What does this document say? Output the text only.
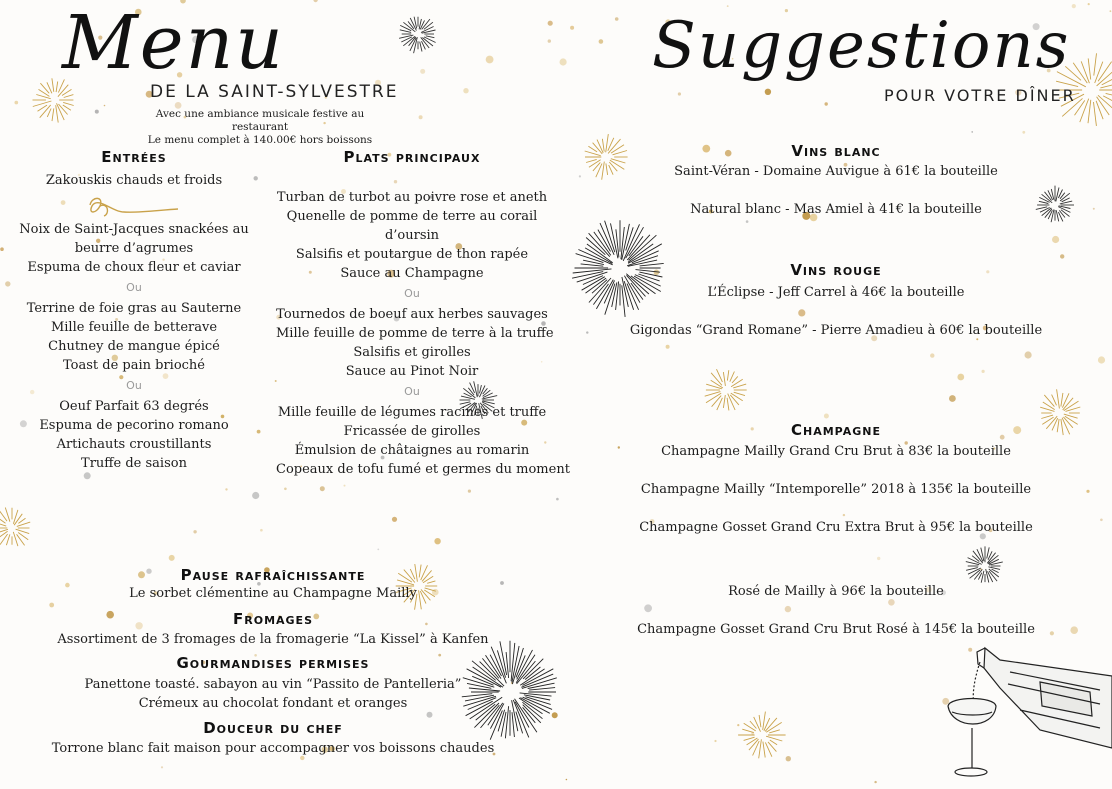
Menu
DE LA SAINT-SYLVESTRE

Avec une ambiance musicale festive au restaurant

Le menu complet à 140.00€ hors boissons

Entrées

Zakouskis chauds et froids

Noix de Saint-Jacques snackées au beurre d’agrumes

Espuma de choux fleur et caviar

Ou

Terrine de foie gras au Sauterne

Mille feuille de betterave

Chutney de mangue épicé

Toast de pain brioché

Ou

Oeuf Parfait 63 degrés

Espuma de pecorino romano

Artichauts croustillants

Truffe de saison

Plats principaux

Turban de turbot au poivre rose et aneth

Quenelle de pomme de terre au corail d’oursin

Salsifis et poutargue de thon rapée

Sauce au Champagne

Ou

Tournedos de boeuf aux herbes sauvages

Mille feuille de pomme de terre à la truffe

Salsifis et girolles

Sauce au Pinot Noir

Ou

Mille feuille de légumes racines et truffe

Fricassée de girolles

Émulsion de châtaignes au romarin

Copeaux de tofu fumé et germes du moment

Pause rafraîchissante

Le sorbet clémentine au Champagne Mailly

Fromages

Assortiment de 3 fromages de la fromagerie “La Kissel” à Kanfen

Gourmandises permises

Panettone toasté. sabayon au vin “Passito de Pantelleria”

Crémeux au chocolat fondant et oranges

Douceur du chef

Torrone blanc fait maison pour accompagner vos boissons chaudes

Suggestions
POUR VOTRE DÎNER
Vins blanc

Saint-Véran - Domaine Auvigue à 61€ la bouteille

Natural blanc - Mas Amiel à 41€ la bouteille

Vins rouge

L’Éclipse - Jeff Carrel à 46€ la bouteille

Gigondas “Grand Romane” - Pierre Amadieu à 60€ la bouteille

Champagne

Champagne Mailly Grand Cru Brut à 83€ la bouteille

Champagne Mailly “Intemporelle” 2018 à 135€ la bouteille

Champagne Gosset Grand Cru Extra Brut à 95€ la bouteille

Rosé de Mailly à 96€ la bouteille

Champagne Gosset Grand Cru Brut Rosé à 145€ la bouteille
